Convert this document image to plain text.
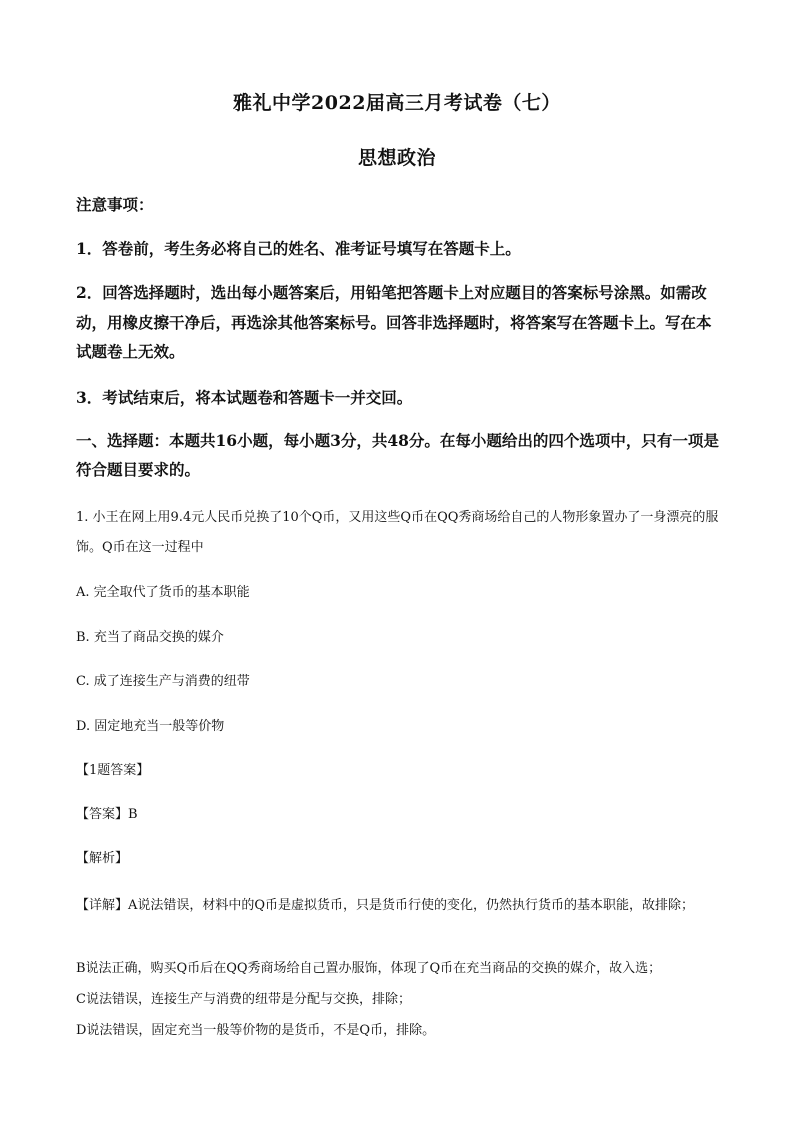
雅礼中学2022届高三月考试卷（七）
思想政治
注意事项：
1．答卷前，考生务必将自己的姓名、准考证号填写在答题卡上。
2．回答选择题时，选出每小题答案后，用铅笔把答题卡上对应题目的答案标号涂黑。如需改动，用橡皮擦干净后，再选涂其他答案标号。回答非选择题时，将答案写在答题卡上。写在本试题卷上无效。
3．考试结束后，将本试题卷和答题卡一并交回。
一、选择题：本题共16小题，每小题3分，共48分。在每小题给出的四个选项中，只有一项是符合题目要求的。
1. 小王在网上用9.4元人民币兑换了10个Q币，又用这些Q币在QQ秀商场给自己的人物形象置办了一身漂亮的服饰。Q币在这一过程中
A. 完全取代了货币的基本职能
B. 充当了商品交换的媒介
C. 成了连接生产与消费的纽带
D. 固定地充当一般等价物
【1题答案】
【答案】B
【解析】
【详解】A说法错误，材料中的Q币是虚拟货币，只是货币行使的变化，仍然执行货币的基本职能，故排除；
B说法正确，购买Q币后在QQ秀商场给自己置办服饰，体现了Q币在充当商品的交换的媒介，故入选；
C说法错误，连接生产与消费的纽带是分配与交换，排除；
D说法错误，固定充当一般等价物的是货币，不是Q币，排除。
